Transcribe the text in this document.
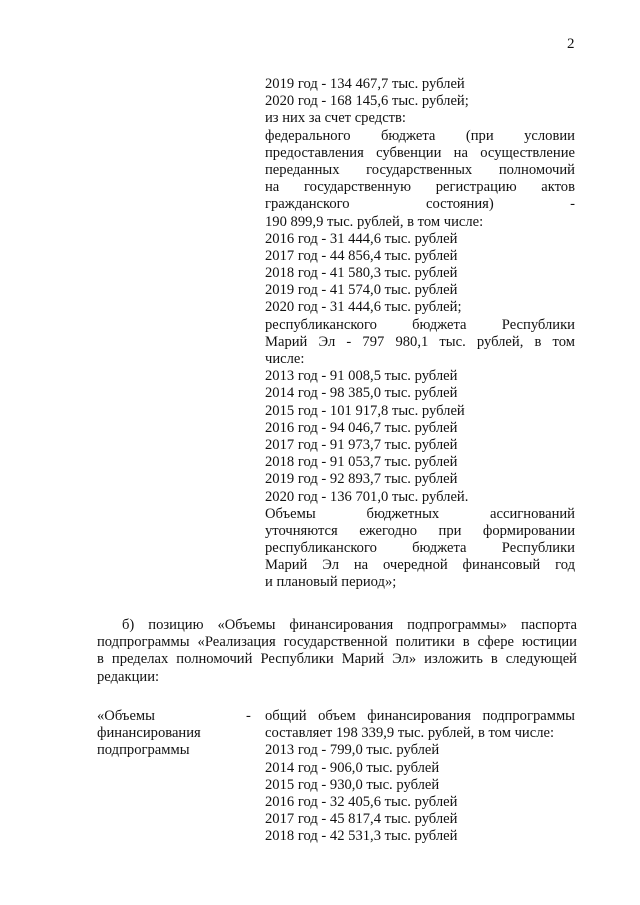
2
2019 год - 134 467,7 тыс. рублей
2020 год - 168 145,6 тыс. рублей;
из них за счет средств:
федерального бюджета (при условии
предоставления субвенции на осуществление
переданных государственных полномочий
на государственную регистрацию актов
гражданского состояния) -
190 899,9 тыс. рублей, в том числе:
2016 год - 31 444,6 тыс. рублей
2017 год - 44 856,4 тыс. рублей
2018 год - 41 580,3 тыс. рублей
2019 год - 41 574,0 тыс. рублей
2020 год - 31 444,6 тыс. рублей;
республиканского бюджета Республики
Марий Эл - 797 980,1 тыс. рублей, в том
числе:
2013 год - 91 008,5 тыс. рублей
2014 год - 98 385,0 тыс. рублей
2015 год - 101 917,8 тыс. рублей
2016 год - 94 046,7 тыс. рублей
2017 год - 91 973,7 тыс. рублей
2018 год - 91 053,7 тыс. рублей
2019 год - 92 893,7 тыс. рублей
2020 год - 136 701,0 тыс. рублей.
Объемы бюджетных ассигнований
уточняются ежегодно при формировании
республиканского бюджета Республики
Марий Эл на очередной финансовый год
и плановый период»;
б) позицию «Объемы финансирования подпрограммы» паспорта
подпрограммы «Реализация государственной политики в сфере юстиции
в пределах полномочий Республики Марий Эл» изложить в следующей
редакции:
«Объемы
финансирования
подпрограммы
- общий объем финансирования подпрограммы
составляет 198 339,9 тыс. рублей, в том числе:
2013 год - 799,0 тыс. рублей
2014 год - 906,0 тыс. рублей
2015 год - 930,0 тыс. рублей
2016 год - 32 405,6 тыс. рублей
2017 год - 45 817,4 тыс. рублей
2018 год - 42 531,3 тыс. рублей
